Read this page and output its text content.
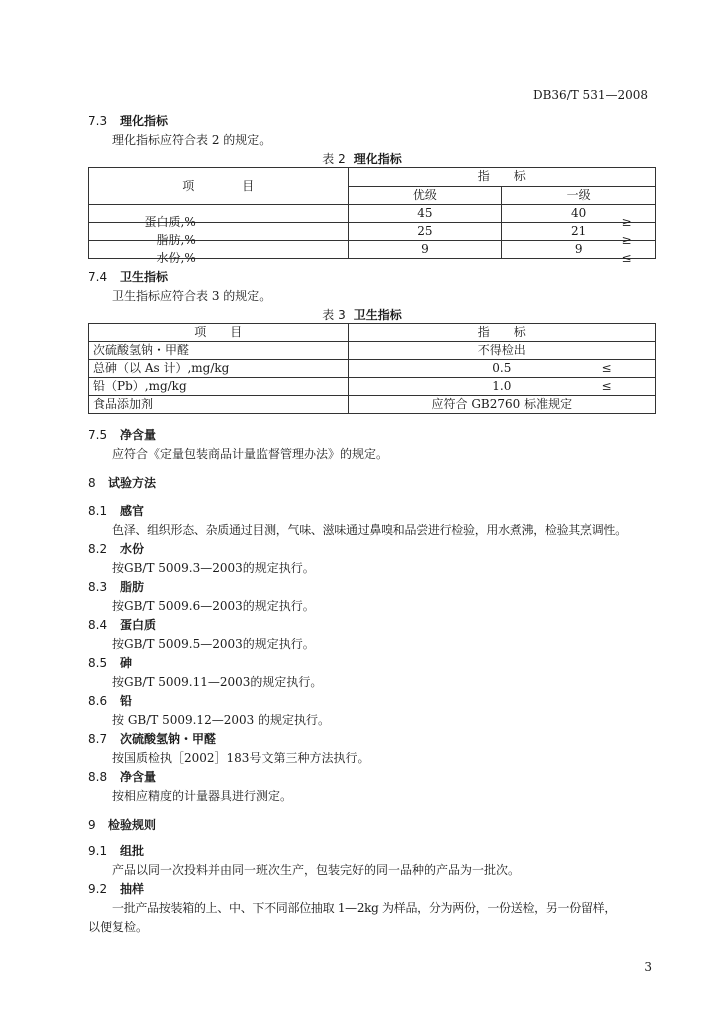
DB36/T 531—2008
7.3 理化指标
理化指标应符合表 2 的规定。
表 2 理化指标
项　　　　目	指　　标	
	优级	一级

蛋白质,% ≥	45	40

脂肪,% ≥	25	21

水份,% ≤	9	9
7.4 卫生指标
卫生指标应符合表 3 的规定。
表 3 卫生指标
项　　目	指　　标
次硫酸氢钠・甲醛	不得检出
总砷（以 As 计）,mg/kg ≤	0.5
铅（Pb）,mg/kg ≤	1.0
食品添加剂	应符合 GB2760 标准规定
7.5 净含量
应符合《定量包装商品计量监督管理办法》的规定。
8 试验方法
8.1 感官
色泽、组织形态、杂质通过目测，气味、滋味通过鼻嗅和品尝进行检验，用水煮沸，检验其烹调性。
8.2 水份
按GB/T 5009.3—2003的规定执行。
8.3 脂肪
按GB/T 5009.6—2003的规定执行。
8.4 蛋白质
按GB/T 5009.5—2003的规定执行。
8.5 砷
按GB/T 5009.11—2003的规定执行。
8.6 铅
按 GB/T 5009.12—2003 的规定执行。
8.7 次硫酸氢钠・甲醛
按国质检执［2002］183号文第三种方法执行。
8.8 净含量
按相应精度的计量器具进行测定。
9 检验规则
9.1 组批
产品以同一次投料并由同一班次生产，包装完好的同一品种的产品为一批次。
9.2 抽样
一批产品按装箱的上、中、下不同部位抽取 1—2kg 为样品，分为两份，一份送检，另一份留样，
以便复检。
3
